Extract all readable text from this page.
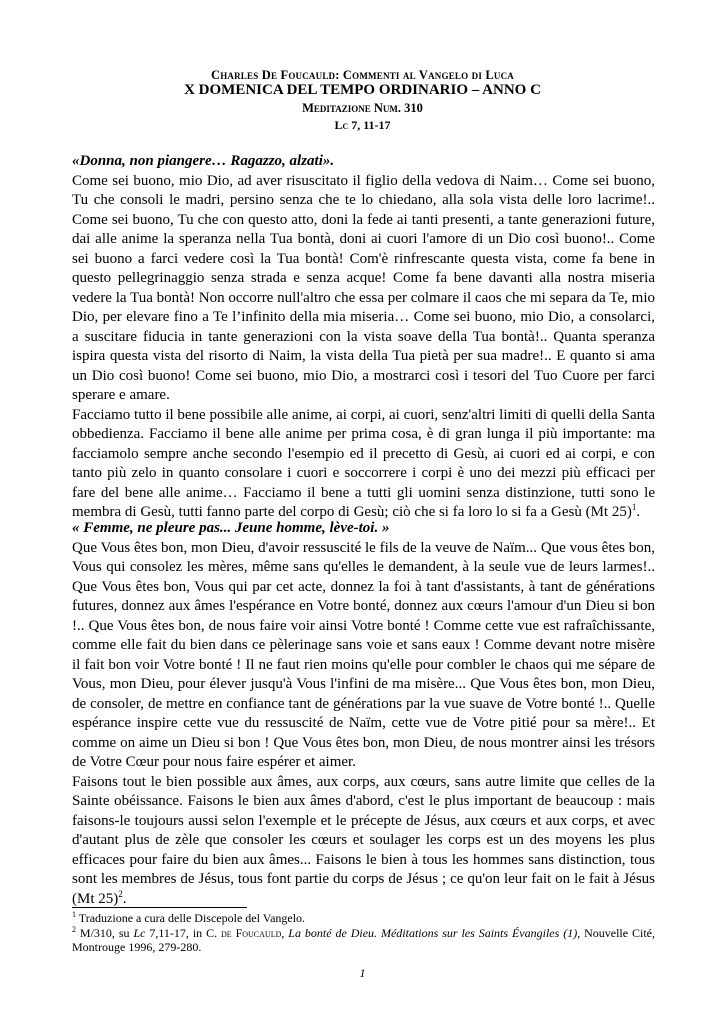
Charles De Foucauld: Commenti al Vangelo di Luca
X DOMENICA DEL TEMPO ORDINARIO – ANNO C
Meditazione Num. 310
Lc 7, 11-17

«Donna, non piangere… Ragazzo, alzati».

Come sei buono, mio Dio, ad aver risuscitato il figlio della vedova di Naim… Come sei buono, Tu che consoli le madri, persino senza che te lo chiedano, alla sola vista delle loro lacrime!.. Come sei buono, Tu che con questo atto, doni la fede ai tanti presenti, a tante generazioni future, dai alle anime la speranza nella Tua bontà, doni ai cuori l'amore di un Dio così buono!.. Come sei buono a farci vedere così la Tua bontà! Com'è rinfrescante questa vista, come fa bene in questo pellegrinaggio senza strada e senza acque! Come fa bene davanti alla nostra miseria vedere la Tua bontà! Non occorre null'altro che essa per colmare il caos che mi separa da Te, mio Dio, per elevare fino a Te l’infinito della mia miseria… Come sei buono, mio Dio, a consolarci, a suscitare fiducia in tante generazioni con la vista soave della Tua bontà!.. Quanta speranza ispira questa vista del risorto di Naim, la vista della Tua pietà per sua madre!.. E quanto si ama un Dio così buono! Come sei buono, mio Dio, a mostrarci così i tesori del Tuo Cuore per farci sperare e amare.

Facciamo tutto il bene possibile alle anime, ai corpi, ai cuori, senz'altri limiti di quelli della Santa obbedienza. Facciamo il bene alle anime per prima cosa, è di gran lunga il più importante: ma facciamolo sempre anche secondo l'esempio ed il precetto di Gesù, ai cuori ed ai corpi, e con tanto più zelo in quanto consolare i cuori e soccorrere i corpi è uno dei mezzi più efficaci per fare del bene alle anime… Facciamo il bene a tutti gli uomini senza distinzione, tutti sono le membra di Gesù, tutti fanno parte del corpo di Gesù; ciò che si fa loro lo si fa a Gesù (Mt 25)$^1$.

« Femme, ne pleure pas... Jeune homme, lève-toi. »

Que Vous êtes bon, mon Dieu, d'avoir ressuscité le fils de la veuve de Naïm... Que vous êtes bon, Vous qui consolez les mères, même sans qu'elles le demandent, à la seule vue de leurs larmes!.. Que Vous êtes bon, Vous qui par cet acte, donnez la foi à tant d'assistants, à tant de générations futures, donnez aux âmes l'espérance en Votre bonté, donnez aux cœurs l'amour d'un Dieu si bon !.. Que Vous êtes bon, de nous faire voir ainsi Votre bonté ! Comme cette vue est rafraîchissante, comme elle fait du bien dans ce pèlerinage sans voie et sans eaux ! Comme devant notre misère il fait bon voir Votre bonté ! Il ne faut rien moins qu'elle pour combler le chaos qui me sépare de Vous, mon Dieu, pour élever jusqu'à Vous l'infini de ma misère... Que Vous êtes bon, mon Dieu, de consoler, de mettre en confiance tant de générations par la vue suave de Votre bonté !.. Quelle espérance inspire cette vue du ressuscité de Naïm, cette vue de Votre pitié pour sa mère!.. Et comme on aime un Dieu si bon ! Que Vous êtes bon, mon Dieu, de nous montrer ainsi les trésors de Votre Cœur pour nous faire espérer et aimer.

Faisons tout le bien possible aux âmes, aux corps, aux cœurs, sans autre limite que celles de la Sainte obéissance. Faisons le bien aux âmes d'abord, c'est le plus important de beaucoup : mais faisons-le toujours aussi selon l'exemple et le précepte de Jésus, aux cœurs et aux corps, et avec d'autant plus de zèle que consoler les cœurs et soulager les corps est un des moyens les plus efficaces pour faire du bien aux âmes... Faisons le bien à tous les hommes sans distinction, tous sont les membres de Jésus, tous font partie du corps de Jésus ; ce qu'on leur fait on le fait à Jésus (Mt 25)$^2$.

$^1$ Traduzione a cura delle Discepole del Vangelo.

$^2$ M/310, su Lc 7,11-17, in C. de Foucauld, La bonté de Dieu. Méditations sur les Saints Évangiles (1), Nouvelle Cité, Montrouge 1996, 279-280.

1
